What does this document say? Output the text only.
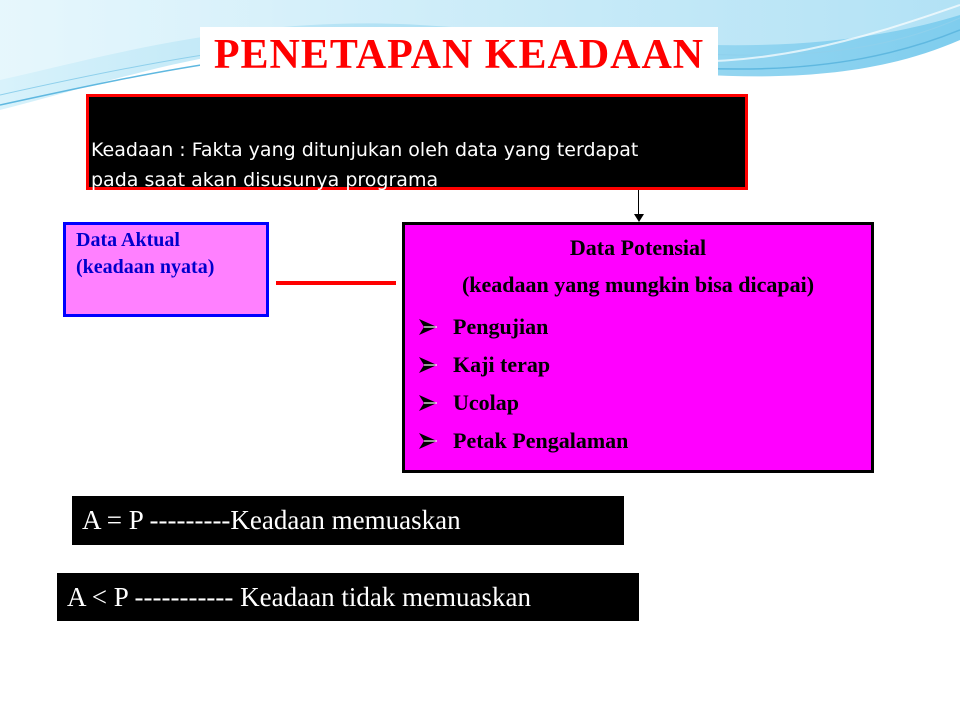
PENETAPAN KEADAAN
Keadaan : Fakta yang ditunjukan oleh data yang terdapat
pada saat akan disusunya programa
Data Aktual
(keadaan nyata)
Data Potensial
(keadaan yang mungkin bisa dicapai)
Pengujian
Kaji terap
Ucolap
Petak Pengalaman
A = P ---------Keadaan memuaskan
A < P ----------- Keadaan tidak memuaskan
